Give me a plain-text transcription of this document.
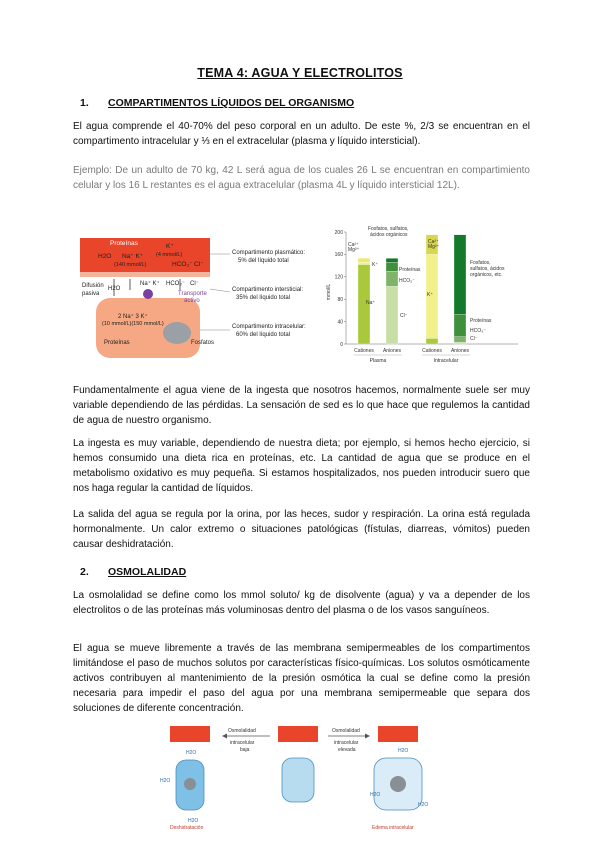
TEMA 4: AGUA Y ELECTROLITOS
1. COMPARTIMENTOS LÍQUIDOS DEL ORGANISMO
El agua comprende el 40-70% del peso corporal en un adulto. De este %, 2/3 se encuentran en el compartimento intracelular y ⅓ en el extracelular (plasma y líquido intersticial).
Ejemplo: De un adulto de 70 kg, 42 L será agua de los cuales 26 L se encuentran en compartimiento celular y los 16 L restantes es el agua extracelular (plasma 4L y líquido intersticial 12L).
Proteínas
H2O Na⁺ K⁺
(140 mmol/L)
K⁺
(4 mmol/L)
HCO₃⁻ Cl⁻
Difusión
pasiva
H2O
Na⁺ K⁺ HCO₃⁻ Cl⁻
Transporte
activo
2 Na⁺ 3 K⁺
(10 mmol/L)(150 mmol/L)
Proteínas	Fosfatos
Compartimento plasmático:
5% del líquido total
Compartimento intersticial:
35% del líquido total
Compartimento intracelular:
60% del líquido total
200
160
120
80
40
0
mmol/L
Cationes Aniones	Cationes Aniones
Plasma	Intracelular
Fosfatos, sulfatos,
ácidos orgánicos
Ca²⁺
Mg²⁺
K⁺
Proteínas
HCO₃⁻
Na⁺
Cl⁻
Ca²⁺
Mg²⁺
K⁺
Fosfatos,
sulfatos, ácidos
orgánicos, etc.
Proteínas
HCO₃⁻
Cl⁻
Fundamentalmente el agua viene de la ingesta que nosotros hacemos, normalmente suele ser muy variable dependiendo de las pérdidas. La sensación de sed es lo que hace que regulemos la cantidad de agua de nuestro organismo.
La ingesta es muy variable, dependiendo de nuestra dieta; por ejemplo, si hemos hecho ejercicio, si hemos consumido una dieta rica en proteínas, etc. La cantidad de agua que se produce en el metabolismo oxidativo es muy pequeña. Si estamos hospitalizados, nos pueden introducir suero que nos haga regular la cantidad de líquidos.
La salida del agua se regula por la orina, por las heces, sudor y respiración. La orina está regulada hormonalmente. Un calor extremo o situaciones patológicas (fístulas, diarreas, vómitos) pueden causar deshidratación.
2. OSMOLALIDAD
La osmolalidad se define como los mmol soluto/ kg de disolvente (agua) y va a depender de los electrolitos o de las proteínas más voluminosas dentro del plasma o de los vasos sanguíneos.
El agua se mueve libremente a través de las membrana semipermeables de los compartimentos limitándose el paso de muchos solutos por características físico-químicas. Los solutos osmóticamente activos contribuyen al mantenimiento de la presión osmótica la cual se define como la presión necesaria para impedir el paso del agua por una membrana semipermeable que separa dos soluciones de diferente concentración.
Osmolalidad
intracelular
baja
Osmolalidad
intracelular
elevada
H2O
H2O
H2O
H2O
H2O
H2O
Deshidratación	Edema intracelular
